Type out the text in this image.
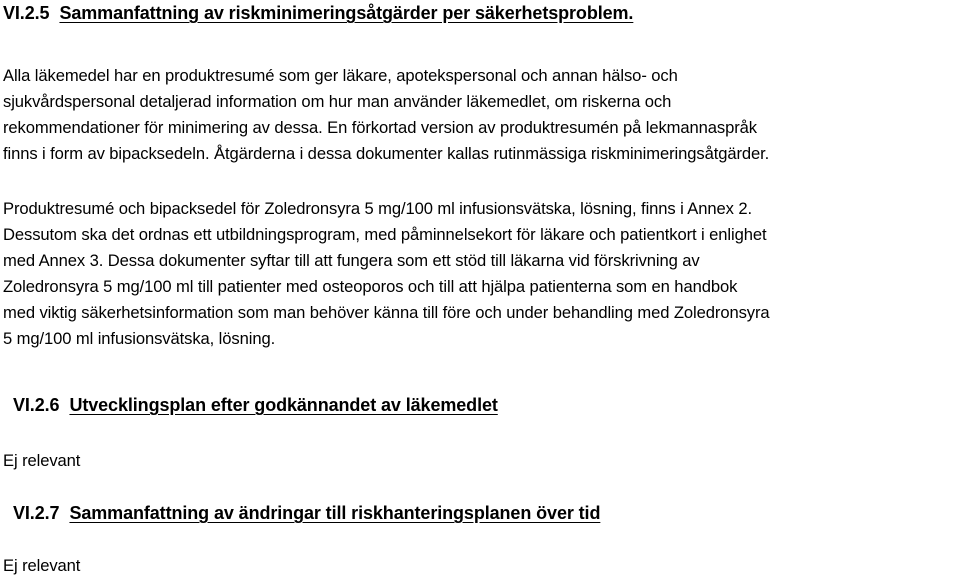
VI.2.5 Sammanfattning av riskminimeringsåtgärder per säkerhetsproblem.
Alla läkemedel har en produktresumé som ger läkare, apotekspersonal och annan hälso- och
sjukvårdspersonal detaljerad information om hur man använder läkemedlet, om riskerna och
rekommendationer för minimering av dessa. En förkortad version av produktresumén på lekmannaspråk
finns i form av bipacksedeln. Åtgärderna i dessa dokumenter kallas rutinmässiga riskminimeringsåtgärder.
Produktresumé och bipacksedel för Zoledronsyra 5 mg/100 ml infusionsvätska, lösning, finns i Annex 2.
Dessutom ska det ordnas ett utbildningsprogram, med påminnelsekort för läkare och patientkort i enlighet
med Annex 3. Dessa dokumenter syftar till att fungera som ett stöd till läkarna vid förskrivning av
Zoledronsyra 5 mg/100 ml till patienter med osteoporos och till att hjälpa patienterna som en handbok
med viktig säkerhetsinformation som man behöver känna till före och under behandling med Zoledronsyra
5 mg/100 ml infusionsvätska, lösning.
VI.2.6 Utvecklingsplan efter godkännandet av läkemedlet
Ej relevant
VI.2.7 Sammanfattning av ändringar till riskhanteringsplanen över tid
Ej relevant
